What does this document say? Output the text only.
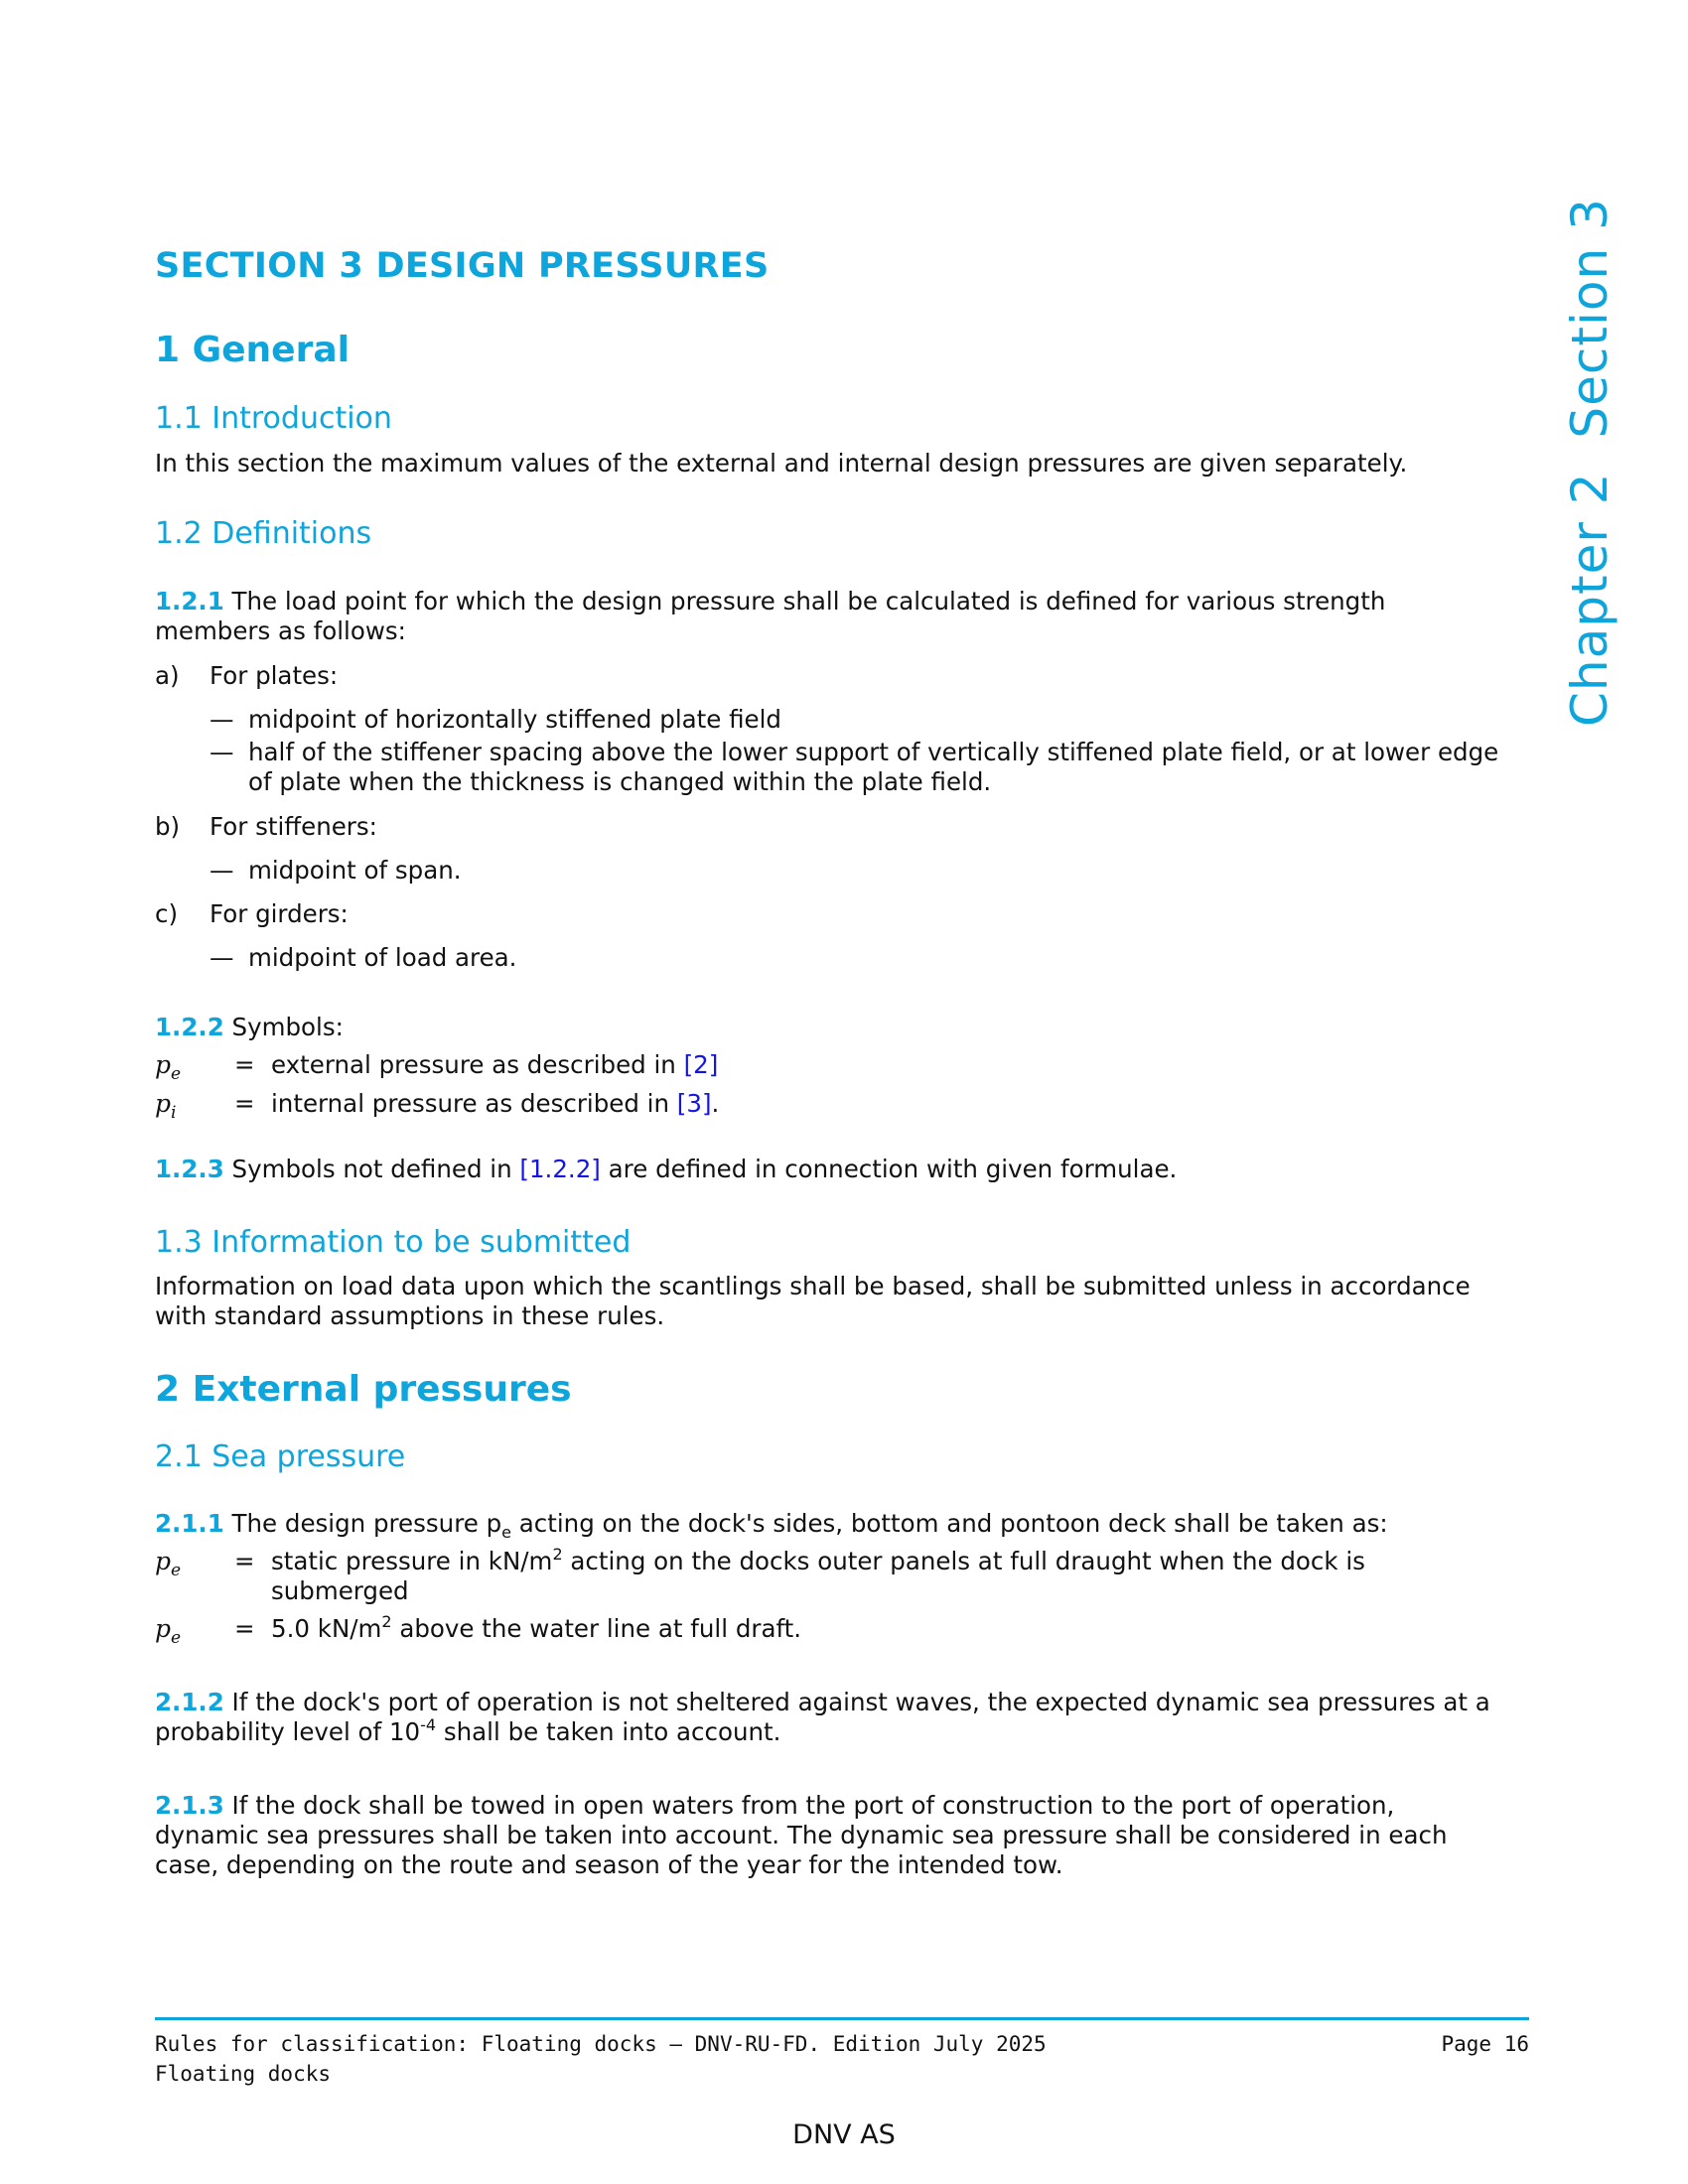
Chapter 2  Section 3
SECTION 3 DESIGN PRESSURES
1 General
1.1 Introduction
In this section the maximum values of the external and internal design pressures are given separately.
1.2 Definitions
1.2.1 The load point for which the design pressure shall be calculated is defined for various strength
members as follows:
a) For plates:
— midpoint of horizontally stiffened plate field
— half of the stiffener spacing above the lower support of vertically stiffened plate field, or at lower edge
of plate when the thickness is changed within the plate field.
b) For stiffeners:
— midpoint of span.
c) For girders:
— midpoint of load area.
1.2.2 Symbols:
$p_e$ = external pressure as described in [2]
$p_i$ = internal pressure as described in [3].
1.2.3 Symbols not defined in [1.2.2] are defined in connection with given formulae.
1.3 Information to be submitted
Information on load data upon which the scantlings shall be based, shall be submitted unless in accordance
with standard assumptions in these rules.
2 External pressures
2.1 Sea pressure
2.1.1 The design pressure $p_e$ acting on the dock's sides, bottom and pontoon deck shall be taken as:
$p_e$ = static pressure in $kN/m^2$ acting on the docks outer panels at full draught when the dock is
submerged
$p_e = 5.0$ $kN/m^2$ above the water line at full draft.
2.1.2 If the dock's port of operation is not sheltered against waves, the expected dynamic sea pressures at a
probability level of $10^{-4}$ shall be taken into account.
2.1.3 If the dock shall be towed in open waters from the port of construction to the port of operation,
dynamic sea pressures shall be taken into account. The dynamic sea pressure shall be considered in each
case, depending on the route and season of the year for the intended tow.
Rules for classification: Floating docks — DNV-RU-FD. Edition July 2025
Floating docks
Page 16
DNV AS
